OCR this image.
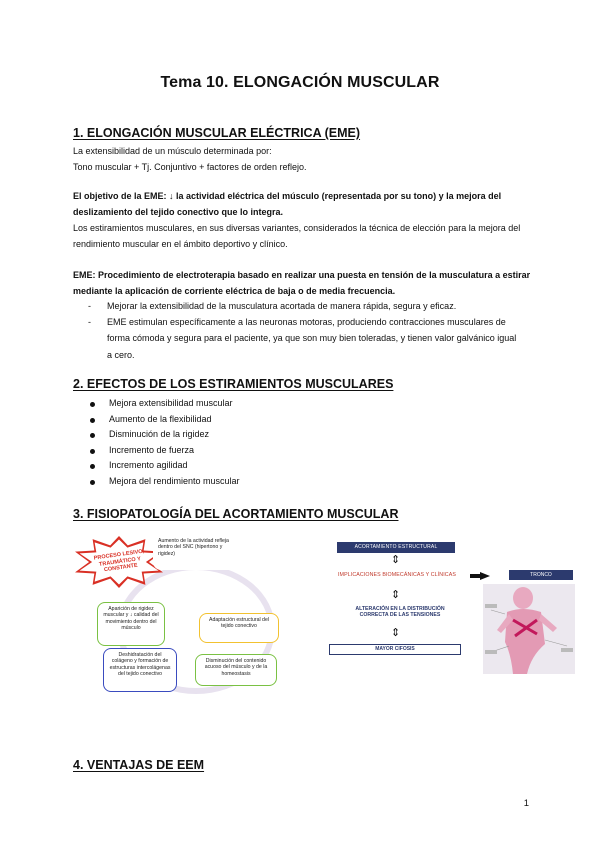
Tema 10. ELONGACIÓN MUSCULAR
1. ELONGACIÓN MUSCULAR ELÉCTRICA (EME)
La extensibilidad de un músculo determinada por:
Tono muscular + Tj. Conjuntivo + factores de orden reflejo.
El objetivo de la EME: ↓ la actividad eléctrica del músculo (representada por su tono) y la mejora del deslizamiento del tejido conectivo que lo integra.
Los estiramientos musculares, en sus diversas variantes, considerados la técnica de elección para la mejora del rendimiento muscular en el ámbito deportivo y clínico.
EME: Procedimiento de electroterapia basado en realizar una puesta en tensión de la musculatura a estirar mediante la aplicación de corriente eléctrica de baja o de media frecuencia.
- Mejorar la extensibilidad de la musculatura acortada de manera rápida, segura y eficaz.
- EME estimulan específicamente a las neuronas motoras, produciendo contracciones musculares de forma cómoda y segura para el paciente, ya que son muy bien toleradas, y tienen valor galvánico igual a cero.
2. EFECTOS DE LOS ESTIRAMIENTOS MUSCULARES
Mejora extensibilidad muscular
Aumento de la flexibilidad
Disminución de la rigidez
Incremento de fuerza
Incremento agilidad
Mejora del rendimiento muscular
3. FISIOPATOLOGÍA DEL ACORTAMIENTO MUSCULAR
PROCESO LESIVO, TRAUMÁTICO Y CONSTANTE
Aumento de la actividad refleja dentro del SNC (hipertono y rigidez)
Aparición de rigidez muscular y ↓ calidad del movimiento dentro del músculo
Adaptación estructural del tejido conectivo
Deshidratación del colágeno y formación de estructuras intercolágenas del tejido conectivo
Disminución del contenido acuoso del músculo y de la homeostasis
ACORTAMIENTO ESTRUCTURAL
⇕
IMPLICACIONES BIOMECÁNICAS Y CLÍNICAS	TRONCO
⇕
ALTERACIÓN EN LA DISTRIBUCIÓN CORRECTA DE LAS TENSIONES
⇕
MAYOR CIFOSIS
4. VENTAJAS DE EEM
1
